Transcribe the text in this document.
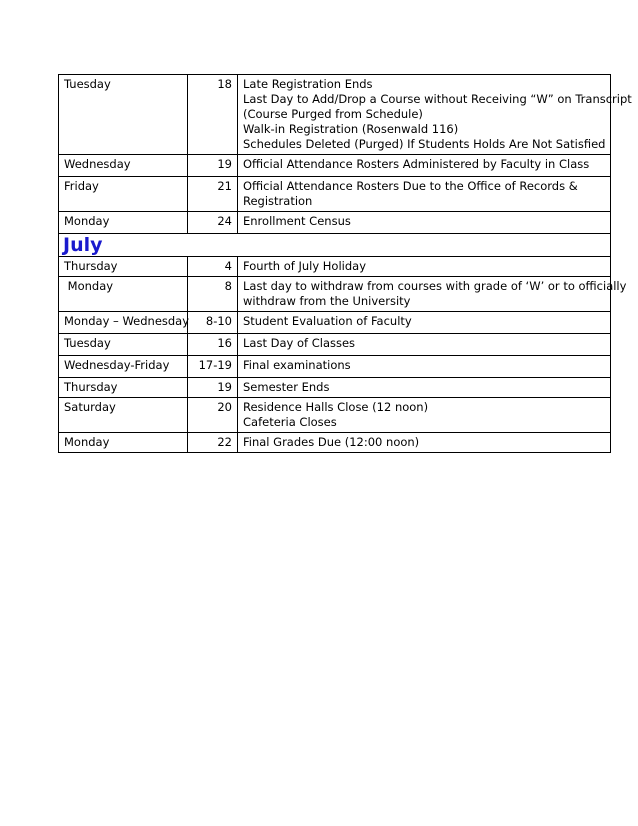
Tuesday	18	Late Registration Ends
Last Day to Add/Drop a Course without Receiving “W” on Transcript
(Course Purged from Schedule)
Walk-in Registration (Rosenwald 116)
Schedules Deleted (Purged) If Students Holds Are Not Satisfied

Wednesday	19	Official Attendance Rosters Administered by Faculty in Class

Friday	21	Official Attendance Rosters Due to the Office of Records &
Registration

Monday	24	Enrollment Census

July		

Thursday	4	Fourth of July Holiday

Monday	8	Last day to withdraw from courses with grade of ‘W’ or to officially
withdraw from the University

Monday – Wednesday	8-10	Student Evaluation of Faculty

Tuesday	16	Last Day of Classes

Wednesday-Friday	17-19	Final examinations

Thursday	19	Semester Ends

Saturday	20	Residence Halls Close (12 noon)
Cafeteria Closes

Monday	22	Final Grades Due (12:00 noon)
